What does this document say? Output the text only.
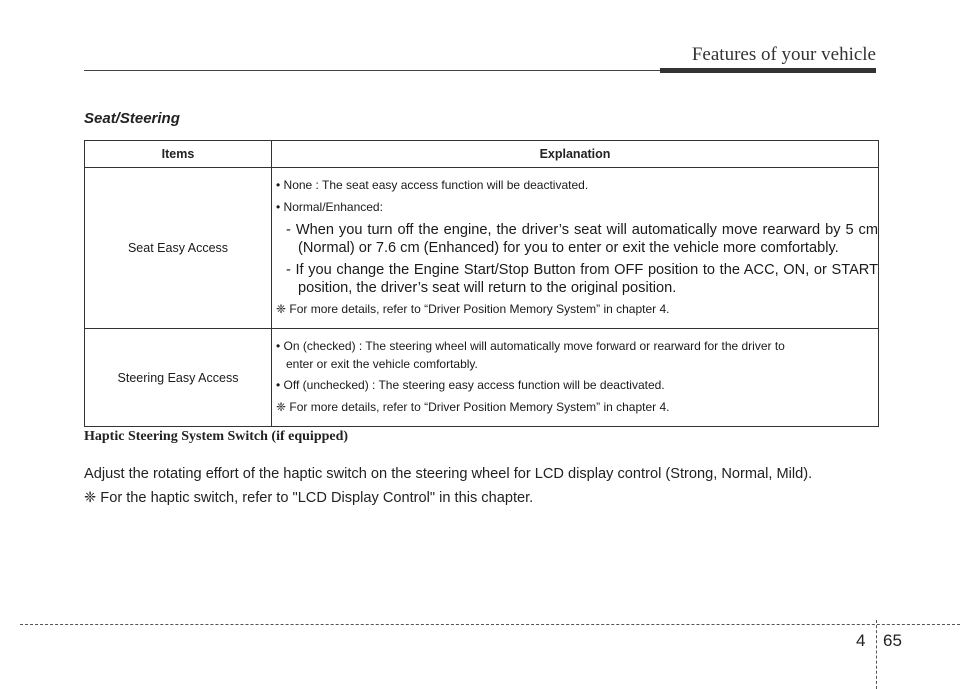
Features of your vehicle
Seat/Steering
Items	Explanation
Seat Easy Access	• None : The seat easy access function will be deactivated.
• Normal/Enhanced:
- When you turn off the engine, the driver’s seat will automatically move rearward by 5 cm (Normal) or 7.6 cm (Enhanced) for you to enter or exit the vehicle more comfortably.
- If you change the Engine Start/Stop Button from OFF position to the ACC, ON, or START position, the driver’s seat will return to the original position.
❈ For more details, refer to “Driver Position Memory System” in chapter 4.

Steering Easy Access	• On (checked) : The steering wheel will automatically move forward or rearward for the driver to
enter or exit the vehicle comfortably.
• Off (unchecked) : The steering easy access function will be deactivated.
❈ For more details, refer to “Driver Position Memory System” in chapter 4.
Haptic Steering System Switch (if equipped)
Adjust the rotating effort of the haptic switch on the steering wheel for LCD display control (Strong, Normal, Mild).
❈ For the haptic switch, refer to "LCD Display Control" in this chapter.
4 65
